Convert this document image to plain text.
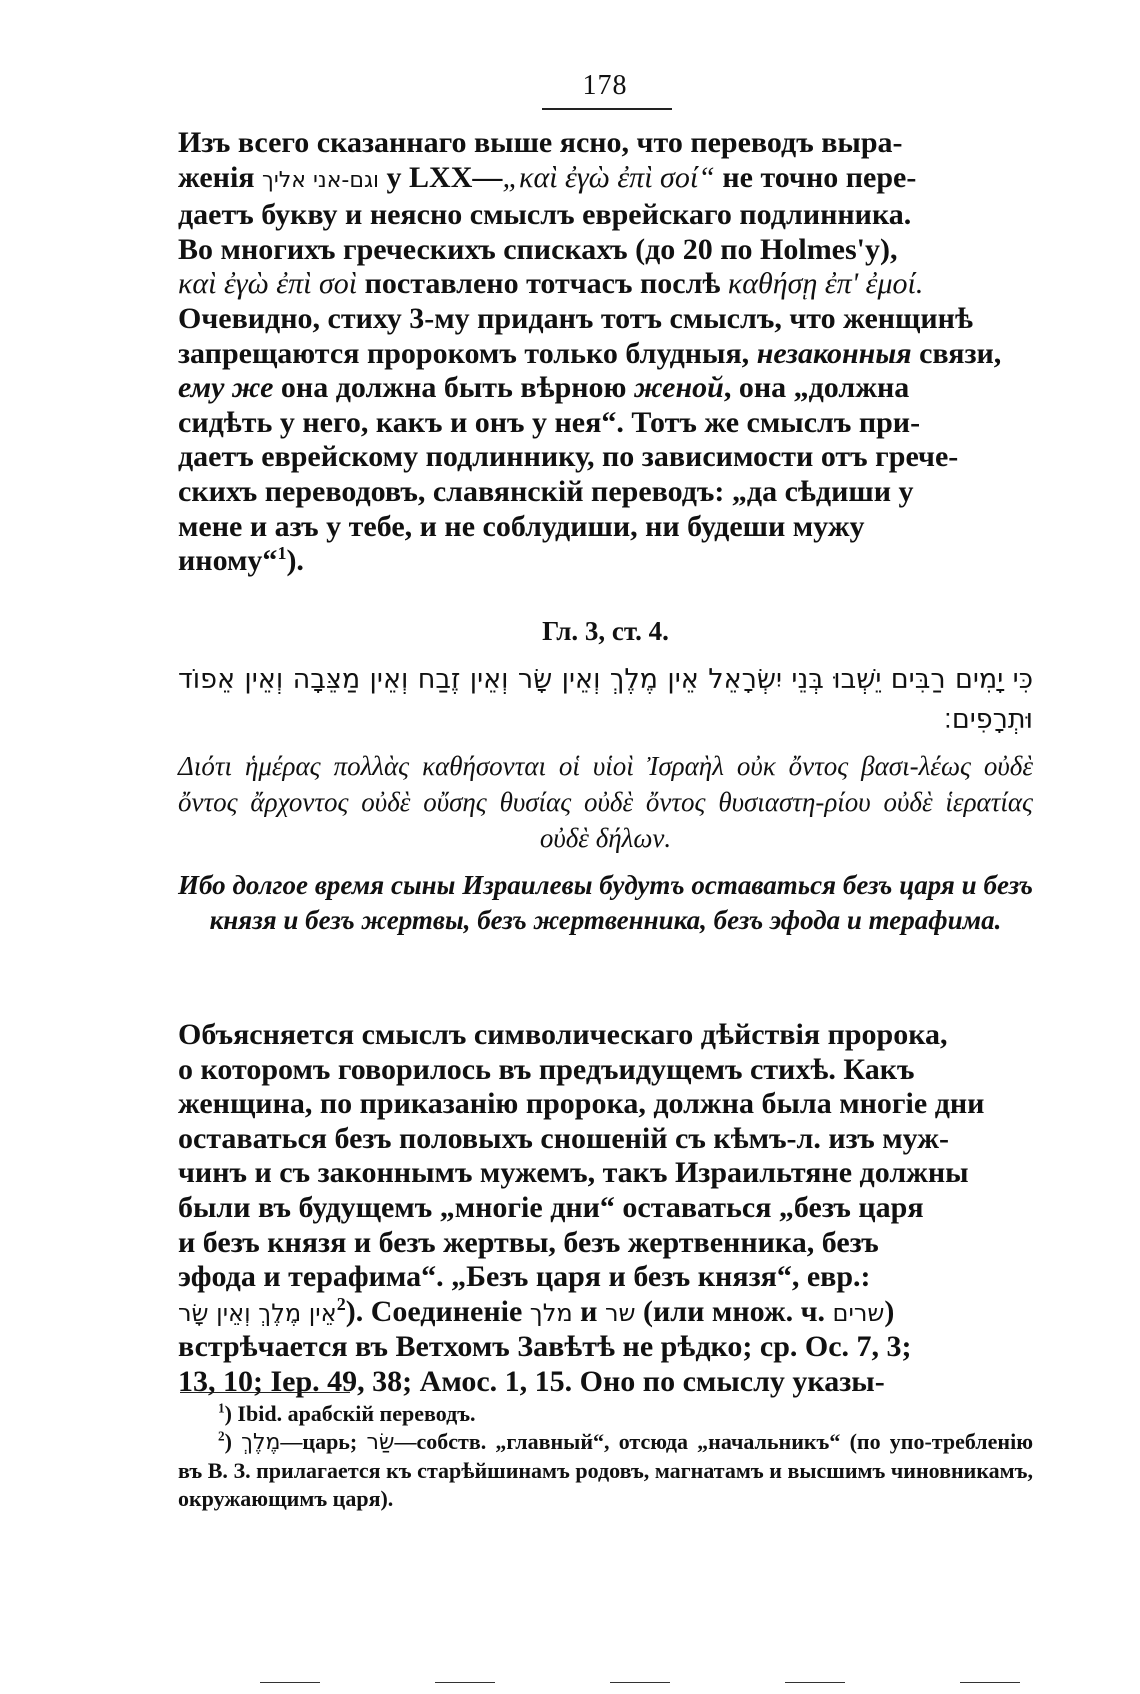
178
Изъ всего сказаннаго выше ясно, что переводъ выра-
женія וגם-אני אליך у LXX—„καὶ ἐγὼ ἐπὶ σοί“ не точно пере-
даетъ букву и неясно смыслъ еврейскаго подлинника.
Во многихъ греческихъ спискахъ (до 20 по Holmes'у),
καὶ ἐγὼ ἐπὶ σοὶ поставлено тотчасъ послѣ καθήσῃ ἐπ' ἐμοί.
Очевидно, стиху 3-му приданъ тотъ смыслъ, что женщинѣ
запрещаются пророкомъ только блудныя, незаконныя связи,
ему же она должна быть вѣрною женой, она „должна
сидѣть у него, какъ и онъ у нея“. Тотъ же смыслъ при-
даетъ еврейскому подлиннику, по зависимости отъ грече-
скихъ переводовъ, славянскій переводъ: „да сѣдиши у
мене и азъ у тебе, и не соблудиши, ни будеши мужу
иному“$^1$).
Гл. 3, ст. 4.
כִּי יָמִים רַבִּים יֵשְׁבוּ בְּנֵי יִשְׂרָאֵל אֵין מֶלֶךְ וְאֵין שָׂר וְאֵין זֶבַח וְאֵין מַצֵּבָה וְאֵין אֵפוֹד וּתְרָפִים׃
Διότι ἡμέρας πολλὰς καθήσονται οἱ υἱοὶ Ἰσραὴλ οὐκ ὄντος βασι-λέως οὐδὲ ὄντος ἄρχοντος οὐδὲ οὔσης θυσίας οὐδὲ ὄντος θυσιαστη-ρίου οὐδὲ ἱερατίας οὐδὲ δήλων.
Ибо долгое время сыны Израилевы будутъ оставаться безъ царя и безъ князя и безъ жертвы, безъ жертвенника, безъ эфода и терафима.
Объясняется смыслъ символическаго дѣйствія пророка,
о которомъ говорилось въ предъидущемъ стихѣ. Какъ
женщина, по приказанію пророка, должна была многіе дни
оставаться безъ половыхъ сношеній съ кѣмъ-л. изъ муж-
чинъ и съ законнымъ мужемъ, такъ Израильтяне должны
были въ будущемъ „многіе дни“ оставаться „безъ царя
и безъ князя и безъ жертвы, безъ жертвенника, безъ
эфода и терафима“. „Безъ царя и безъ князя“, евр.:
אֵין מֶלֶךְ וְאֵין שָׂר$^2$). Соединеніе מלך и שר (или множ. ч. שרים)
встрѣчается въ Ветхомъ Завѣтѣ не рѣдко; ср. Ос. 7, 3;
13, 10; Іер. 49, 38; Амос. 1, 15. Оно по смыслу указы-

$^1$) Ibid. арабскій переводъ.

$^2$) מֶלֶךְ—царь; שַׂר—собств. „главный“, отсюда „начальникъ“ (по упо-требленію въ В. З. прилагается къ старѣйшинамъ родовъ, магнатамъ и высшимъ чиновникамъ, окружающимъ царя).
